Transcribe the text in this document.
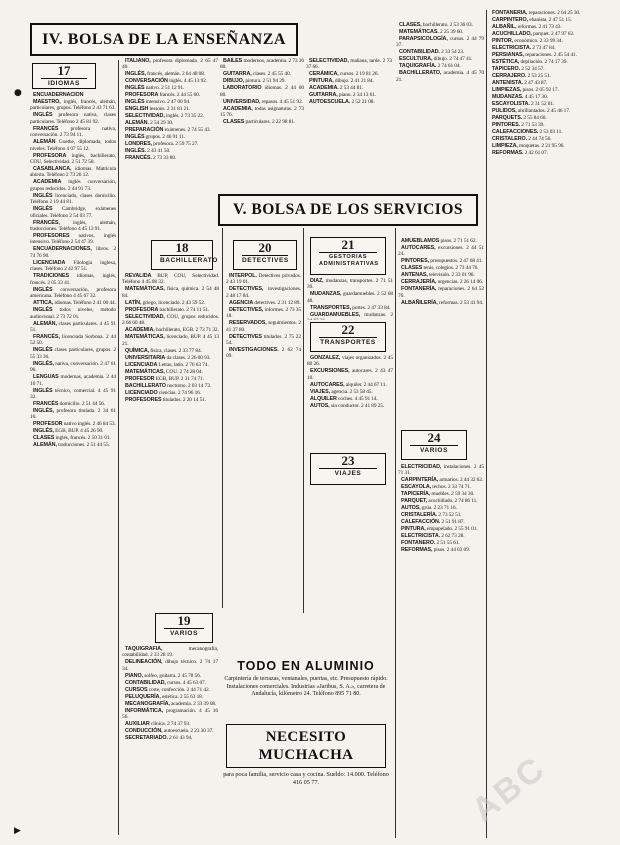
IV. BOLSA DE LA ENSEÑANZA
V. BOLSA DE LOS SERVICIOS
17
IDIOMAS
18
BACHILLERATO
19
VARIOS
20
DETECTIVES
21
GESTORIAS ADMINISTRATIVAS
22
TRANSPORTES
23
VIAJES
24
VARIOS

ENCUADERNACIÓN

MAESTRO, inglés, francés, alemán, particulares, grupos. Teléfono 2 43 71 63.

INGLÉS profesora nativa, clases particulares. Teléfono 2 45 81 92.

FRANCÉS profesora nativa, conversación. 2 73 94 11.

ALEMÁN Goethe, diplomada, todos niveles. Teléfono 4 07 55 12.

PROFESORA inglés, bachillerato, COU, Selectividad. 2 51 72 58.

CASABLANCA, idiomas. Matrícula abierta. Teléfono 2 73 26 12.

ACADEMIA inglés conversación, grupos reducidos. 2 44 91 73.

INGLÉS licenciado, clases domicilio. Teléfono 2 19 44 81.

INGLÉS Cambridge, exámenes oficiales. Teléfono 2 54 03 77.

FRANCÉS, inglés, alemán, traducciones. Teléfono 4 45 13 91.

PROFESORES nativos, inglés intensivo. Teléfono 2 54 47 39.

ENCUADERNACIONES, libros. 2 74 76 90.

LICENCIADA Filología inglesa, clases. Teléfono 2 42 97 51.

TRADICIONES idiomas, inglés, francés. 2 05 33 41.

INGLÉS conversación, profesora americana. Teléfono 4 45 67 32.

ATTICA, idiomas. Teléfono 2 41 00 44.

INGLÉS todos niveles, método audiovisual. 2 73 72 01.

ALEMÁN, clases particulares. 4 45 91 51.

FRANCÉS, licenciada Sorbona. 2 44 52 50.

INGLÉS clases particulares, grupos. 2 55 33 36.

INGLÉS, nativa, conversación. 2 47 61 96.

LENGUAS modernas, academia. 2 44 16 71.

INGLÉS técnico, comercial. 4 45 91 32.

FRANCÉS domicilio. 2 51 44 56.

INGLÉS, profesora titulada. 2 34 61 16.

PROFESOR nativo inglés. 2 46 84 53.

INGLÉS, EGB, BUP. 4 45 26 90.

CLASES inglés, francés. 2 50 31 01.

ALEMÁN, traducciones. 2 51 44 55.

ITALIANO, profesora diplomada. 2 65 47 40.

INGLÉS, francés, alemán. 2 64 48 08.

CONVERSACIÓN inglés. 4 45 13 92.

INGLÉS nativo. 2 51 12 91.

PROFESORA francés. 2 44 55 60.

INGLÉS intensivo. 2 47 00 94.

ENGLISH lessons. 2 31 81 21.

SELECTIVIDAD, inglés. 2 73 35 22.

ALEMÁN. 2 54 29 30.

PREPARACIÓN exámenes. 2 74 55 43.

INGLÉS grupos. 2 46 91 11.

LONDRES, profesora. 2 59 75 27.

INGLÉS. 2 43 41 50.

FRANCÉS. 2 73 33 80.

REVALIDA BUP, COU, Selectividad. Teléfono 4 45 08 32.

MATEMÁTICAS, física, química. 2 54 48 84.

LATÍN, griego, licenciado. 2 43 59 52.

PROFESORA bachillerato. 2 74 11 51.

SELECTIVIDAD, COU, grupos reducidos. 2 66 60 48.

ACADEMIA, bachillerato, EGB. 2 73 71 32.

MATEMÁTICAS, licenciado, BUP. 4 45 13 21.

QUÍMICA, física, clases. 2 33 77 84.

UNIVERSITARIA da clases. 2 26 00 93.

LICENCIADA Letras, latín. 2 76 63 74.

MATEMÁTICAS, COU. 2 74 28 04.

PROFESOR EGB, BUP. 2 31 74 71.

BACHILLERATO nocturno. 2 03 14 73.

LICENCIADO ciencias. 2 74 96 16.

PROFESORES titulados. 2 20 14 51.

TAQUIGRAFÍA, mecanografía, contabilidad. 2 33 28 19.

DELINEACIÓN, dibujo técnico. 2 74 17 34.

PIANO, solfeo, guitarra. 2 45 78 56.

CONTABILIDAD, cursos. 4 45 63 07.

CURSOS corte, confección. 2 44 71 42.

PELUQUERÍA, estética. 2 55 63 18.

MECANOGRAFÍA, academia. 2 33 39 08.

INFORMÁTICA, programación. 4 45 16 56.

AUXILIAR clínica. 2 74 37 93.

CONDUCCIÓN, autoescuela. 2 23 30 37.

SECRETARIADO. 2 61 43 94.

BAILES modernos, academia. 2 73 36 80.

GUITARRA, clases. 2 45 55 40.

DIBUJO, pintura. 2 51 94 29.

LABORATORIO idiomas. 2 44 00 80.

UNIVERSIDAD, repasos. 4 45 51 92.

ACADEMIA, todas asignaturas. 2 73 15 76.

CLASES particulares. 2 22 98 81.

SELECTIVIDAD, mañana, tarde. 2 73 37 66.

CERÁMICA, cursos. 2 19 81 26.

PINTURA, dibujo. 2 41 21 84.

ACADEMIA. 2 53 44 81.

GUITARRA, piano. 2 34 13 61.

AUTOESCUELA. 2 52 21 08.

INTERPOL. Detectives privados. 2 43 19 01.

DETECTIVES, investigaciones. 2 48 17 84.

AGENCIA detectives. 2 31 12 89.

DETECTIVES, informes. 2 73 35 18.

RESERVADOS, seguimientos. 2 41 37 80.

DETECTIVES titulados. 2 75 22 54.

INVESTIGACIONES. 2 62 74 09.

CLASES, bachillerato. 2 53 36 03.

MATEMÁTICAS. 2 25 39 60.

PARAPSICOLOGÍA, cursos. 2 44 79 37.

CONTABILIDAD. 2 33 54 23.

ESCULTURA, dibujo. 2 74 47 41.

TAQUIGRAFÍA. 2 74 61 04.

BACHILLERATO, academia. 4 45 70 21.

DIAZ, mudanzas, transportes. 2 71 51 39.

MUDANZAS, guardamuebles. 2 52 68 48.

TRANSPORTES, portes. 2 47 33 84.

GUARDAMUEBLES, mudanzas. 2

GONZALEZ, viajes organizados. 2 45 80 26.

EXCURSIONES, autocares. 2 43 47 10.

AUTOCARES, alquiler. 2 44 67 11.

VIAJES, agencia. 2 53 58 45.

ALQUILER coches. 4 45 91 14.

AUTOS, sin conductor. 2 41 89 25.

AMUEBLAMOS pisos. 2 71 51 62.

AUTOCARES, excursiones. 2 44 51 24.

PINTORES, presupuestos. 2 47 68 41.

CLASES tenis, colegios. 2 73 44 76.

ANTENAS, televisión. 2 33 01 96.

CERRAJERÍA, urgencias. 2 26 14 06.

FONTANERÍA, reparaciones. 2 64 52 76.

ALBAÑILERÍA, reformas. 2 53 41 94.

ELECTRICIDAD, instalaciones. 2 45 71 31.

CARPINTERÍA, armarios. 2 44 32 62.

ESCAYOLA, techos. 2 33 74 71.

TAPICERÍA, muebles. 2 59 34 30.

PARQUET, acuchillado. 2 74 86 11.

AUTOS, grúa. 2 23 71 16.

CRISTALERÍA. 2 73 52 51.

CALEFACCIÓN. 2 51 91 87.

PINTURA, empapelado. 2 55 91 01.

ELECTRICISTA. 2 62 73 28.

FONTANERO. 2 51 55 61.

REFORMAS, pisos. 2 44 03 09.

FONTANERÍA, reparaciones. 2 64 25 30.

CARPINTERO, ebanista. 2 47 51 15.

ALBAÑIL, reformas. 2 41 73 43.

ACUCHILLADO, parquet. 2 47 97 62.

PINTOR, económico. 2 33 99 34.

ELECTRICISTA. 2 73 47 84.

PERSIANAS, reparaciones. 2 45 54 41.

ESTÉTICA, depilación. 2 74 17 39.

TAPICERO. 2 52 34 57.

CERRAJERO. 2 53 25 51.

ANTENISTA. 2 47 43 87.

LIMPIEZAS, pisos. 2 05 92 17.

MUDANZAS. 4 45 17 30.

ESCAYOLISTA. 2 31 52 81.

PULIDOS, abrillantados. 2 45 46 17.

PARQUETS. 2 55 84 60.

PINTORES. 2 71 53 39.

CALEFACCIONES. 2 53 03 11.

CRISTALERO. 2 44 74 56.

LIMPIEZA, moquetas. 2 21 95 96.

REFORMAS. 2 42 61 07.

TODO EN ALUMINIO
Carpintería de terrazas, ventanales, puertas, etc. Presupuesto rápido. Instalaciones comerciales. Industrias «Jaribus, S. A.», carretera de Andalucía, kilómetro 24. Teléfono 895 71 80.
NECESITO MUCHACHA
para poca familia, servicio casa y cocina. Sueldo: 14.000. Teléfono 416 05 77.
●
▶
ABC
